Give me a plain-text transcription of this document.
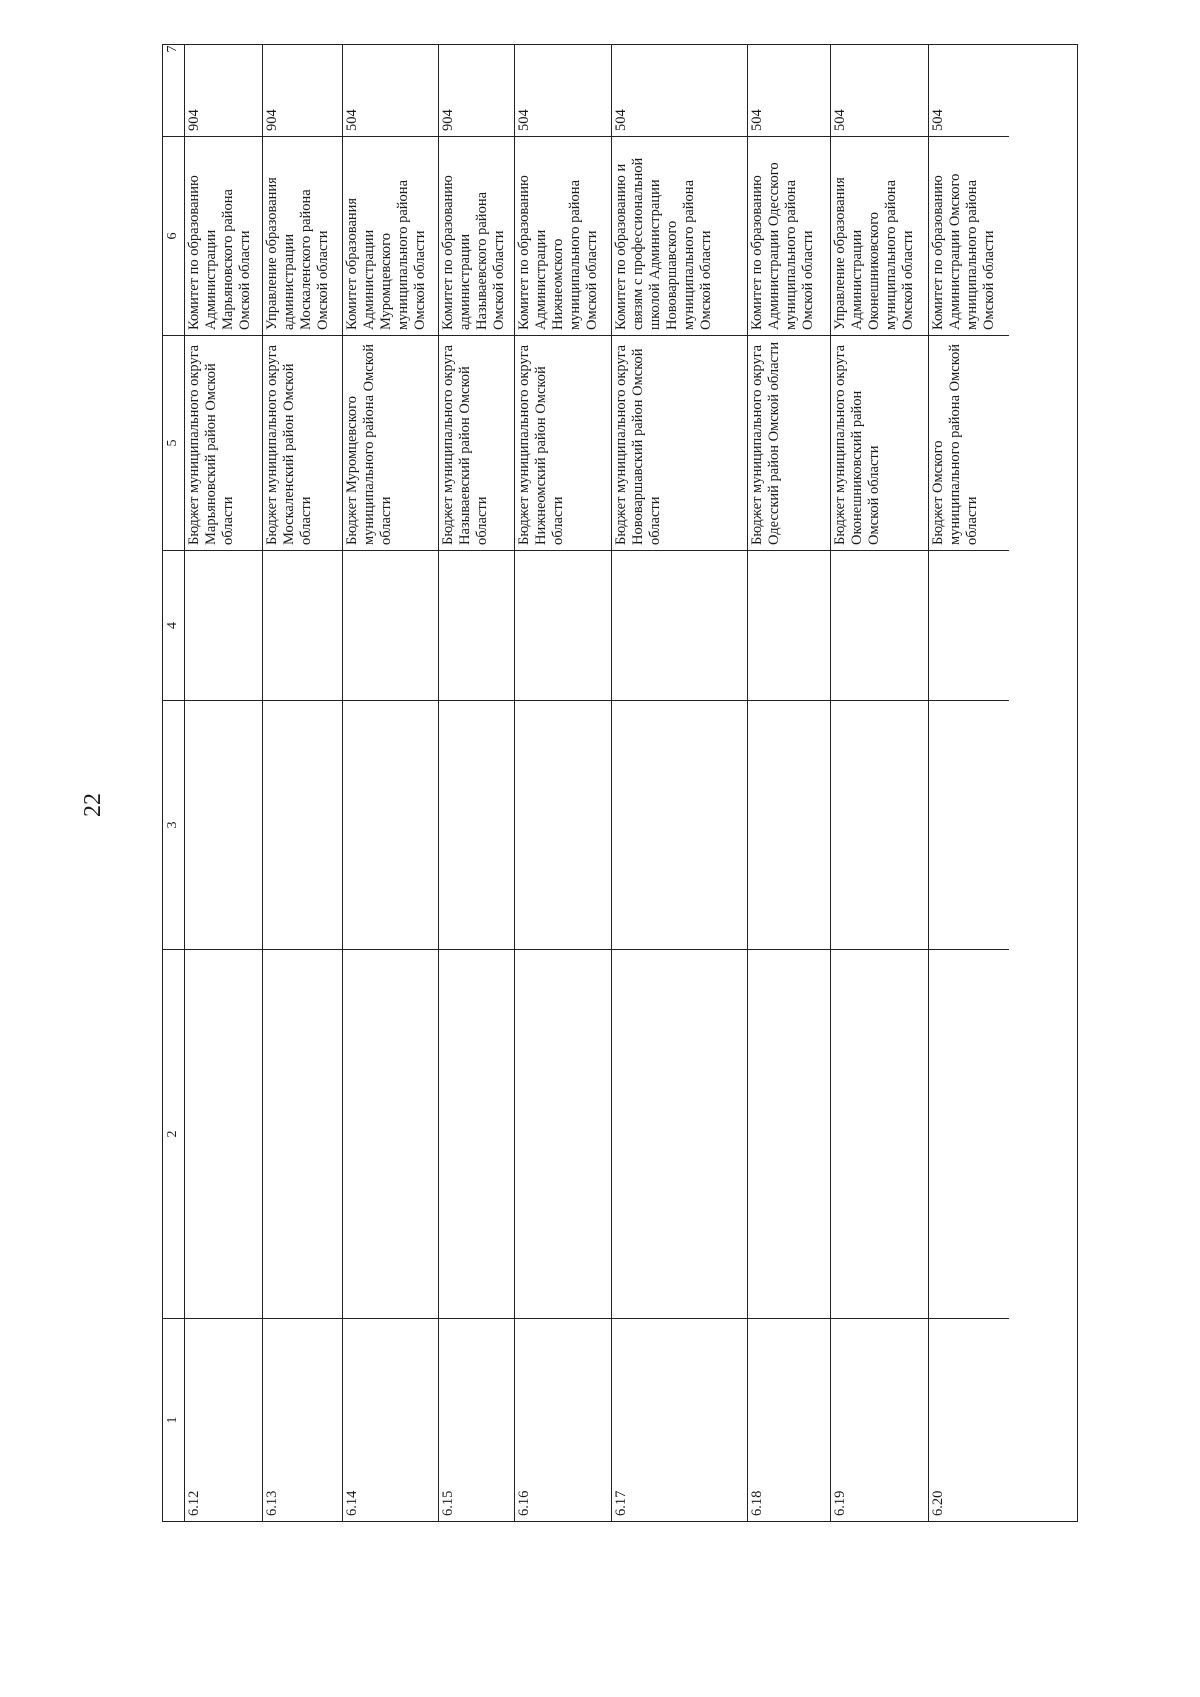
22
1
2
3
4
5
6
7
6.12
Бюджет муниципального округа Марьяновский район Омской области
Комитет по образованию Администрации Марьяновского района Омской области
904
6.13
Бюджет муниципального округа Москаленский район Омской области
Управление образования администрации Москаленского района Омской области
904
6.14
Бюджет Муромцевского муниципального района Омской области
Комитет образования Администрации Муромцевского муниципального района Омской области
504
6.15
Бюджет муниципального округа Называевский район Омской области
Комитет по образованию администрации Называевского района Омской области
904
6.16
Бюджет муниципального округа Нижнеомский район Омской области
Комитет по образованию Администрации Нижнеомского муниципального района Омской области
504
6.17
Бюджет муниципального округа Нововаршавский район Омской области
Комитет по образованию и связям с профессиональной школой Администрации Нововаршавского муниципального района Омской области
504
6.18
Бюджет муниципального округа Одесский район Омской области
Комитет по образованию Администрации Одесского муниципального района Омской области
504
6.19
Бюджет муниципального округа Оконешниковский район Омской области
Управление образования Администрации Оконешниковского муниципального района Омской области
504
6.20
Бюджет Омского муниципального района Омской области
Комитет по образованию Администрации Омского муниципального района Омской области
504
